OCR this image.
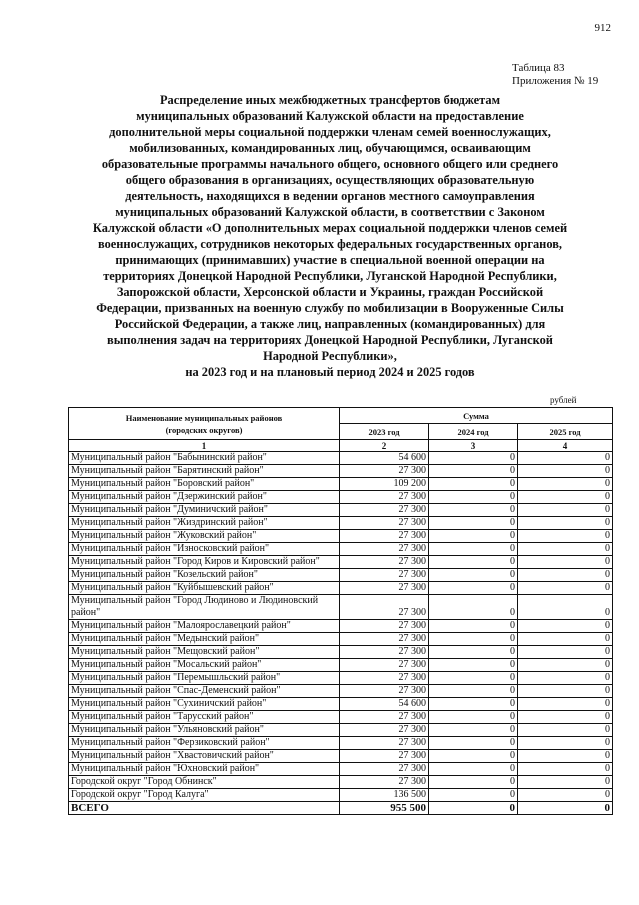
912
Таблица 83
Приложения № 19
Распределение иных межбюджетных трансфертов бюджетам
муниципальных образований Калужской области на предоставление
дополнительной меры социальной поддержки членам семей военнослужащих,
мобилизованных, командированных лиц, обучающимся, осваивающим
образовательные программы начального общего, основного общего или среднего
общего образования в организациях, осуществляющих образовательную
деятельность, находящихся в ведении органов местного самоуправления
муниципальных образований Калужской области, в соответствии с Законом
Калужской области «О дополнительных мерах социальной поддержки членов семей
военнослужащих, сотрудников некоторых федеральных государственных органов,
принимающих (принимавших) участие в специальной военной операции на
территориях Донецкой Народной Республики, Луганской Народной Республики,
Запорожской области, Херсонской области и Украины, граждан Российской
Федерации, призванных на военную службу по мобилизации в Вооруженные Силы
Российской Федерации, а также лиц, направленных (командированных) для
выполнения задач на территориях Донецкой Народной Республики, Луганской
Народной Республики»,
на 2023 год и на плановый период 2024 и 2025 годов
рублей
Наименование муниципальных районов
(городских округов)	Сумма		
	2023 год	2024 год	2025 год
1	2	3	4
Муниципальный район "Бабынинский район"	54 600	0	0
Муниципальный район "Барятинский район"	27 300	0	0
Муниципальный район "Боровский район"	109 200	0	0
Муниципальный район "Дзержинский район"	27 300	0	0
Муниципальный район "Думиничский район"	27 300	0	0
Муниципальный район "Жиздринский район"	27 300	0	0
Муниципальный район "Жуковский район"	27 300	0	0
Муниципальный район "Износковский район"	27 300	0	0
Муниципальный район "Город Киров и Кировский район"	27 300	0	0
Муниципальный район "Козельский район"	27 300	0	0
Муниципальный район "Куйбышевский район"	27 300	0	0
Муниципальный район "Город Людиново и Людиновский район"	27 300	0	0
Муниципальный район "Малоярославецкий район"	27 300	0	0
Муниципальный район "Медынский район"	27 300	0	0
Муниципальный район "Мещовский район"	27 300	0	0
Муниципальный район "Мосальский район"	27 300	0	0
Муниципальный район "Перемышльский район"	27 300	0	0
Муниципальный район "Спас-Деменский район"	27 300	0	0
Муниципальный район "Сухиничский район"	54 600	0	0
Муниципальный район "Тарусский район"	27 300	0	0
Муниципальный район "Ульяновский район"	27 300	0	0
Муниципальный район "Ферзиковский район"	27 300	0	0
Муниципальный район "Хвастовичский район"	27 300	0	0
Муниципальный район "Юхновский район"	27 300	0	0
Городской округ "Город Обнинск"	27 300	0	0
Городской округ "Город Калуга"	136 500	0	0
ВСЕГО	955 500	0	0
